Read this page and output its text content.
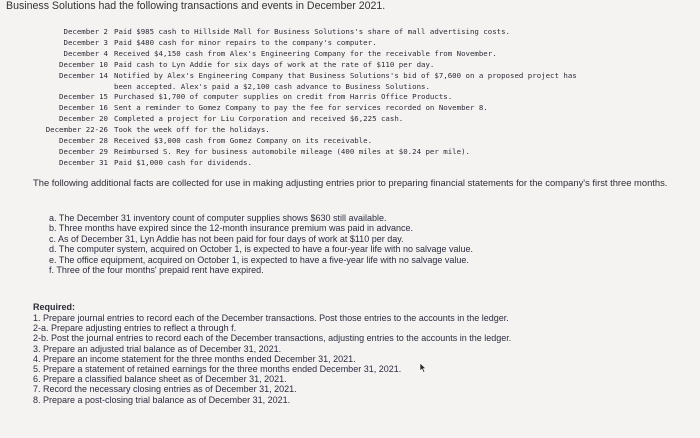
Business Solutions had the following transactions and events in December 2021.
December 2 Paid $985 cash to Hillside Mall for Business Solutions's share of mall advertising costs.
December 3 Paid $480 cash for minor repairs to the company's computer.
December 4 Received $4,150 cash from Alex's Engineering Company for the receivable from November.
December 10 Paid cash to Lyn Addie for six days of work at the rate of $110 per day.
December 14 Notified by Alex's Engineering Company that Business Solutions's bid of $7,600 on a proposed project has
been accepted. Alex's paid a $2,100 cash advance to Business Solutions.
December 15 Purchased $1,700 of computer supplies on credit from Harris Office Products.
December 16 Sent a reminder to Gomez Company to pay the fee for services recorded on November 8.
December 20 Completed a project for Liu Corporation and received $6,225 cash.
December 22-26 Took the week off for the holidays.
December 28 Received $3,000 cash from Gomez Company on its receivable.
December 29 Reimbursed S. Rey for business automobile mileage (400 miles at $0.24 per mile).
December 31 Paid $1,000 cash for dividends.
The following additional facts are collected for use in making adjusting entries prior to preparing financial statements for the company's first three months.
a. The December 31 inventory count of computer supplies shows $630 still available.
b. Three months have expired since the 12-month insurance premium was paid in advance.
c. As of December 31, Lyn Addie has not been paid for four days of work at $110 per day.
d. The computer system, acquired on October 1, is expected to have a four-year life with no salvage value.
e. The office equipment, acquired on October 1, is expected to have a five-year life with no salvage value.
f. Three of the four months' prepaid rent have expired.
Required:
1. Prepare journal entries to record each of the December transactions. Post those entries to the accounts in the ledger.
2-a. Prepare adjusting entries to reflect a through f.
2-b. Post the journal entries to record each of the December transactions, adjusting entries to the accounts in the ledger.
3. Prepare an adjusted trial balance as of December 31, 2021.
4. Prepare an income statement for the three months ended December 31, 2021.
5. Prepare a statement of retained earnings for the three months ended December 31, 2021.
6. Prepare a classified balance sheet as of December 31, 2021.
7. Record the necessary closing entries as of December 31, 2021.
8. Prepare a post-closing trial balance as of December 31, 2021.
